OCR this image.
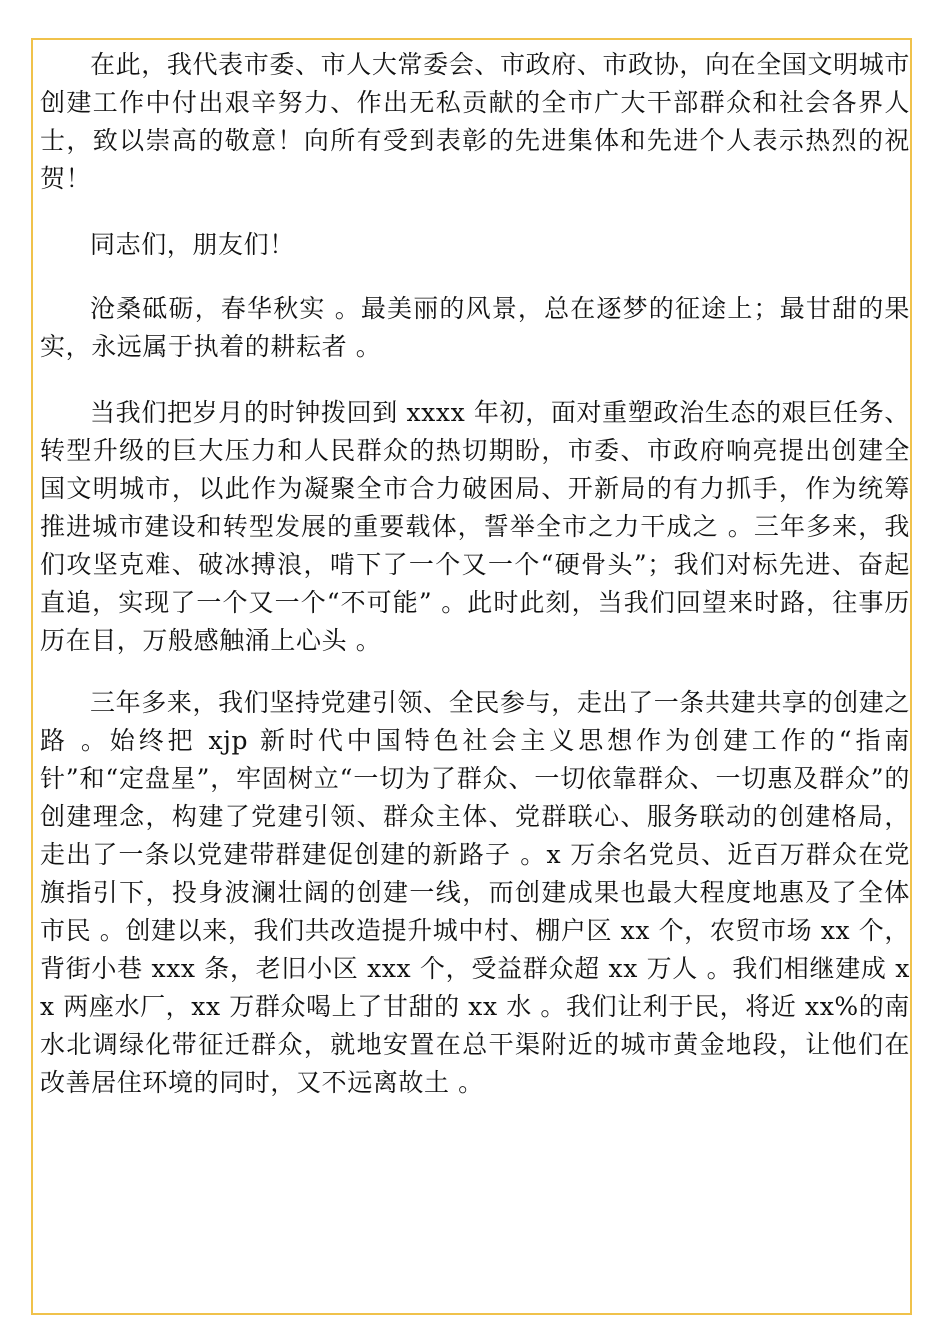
在此，我代表市委、市人大常委会、市政府、市政协，向在全国文明城市创建工作中付出艰辛努力、作出无私贡献的全市广大干部群众和社会各界人士，致以崇高的敬意！向所有受到表彰的先进集体和先进个人表示热烈的祝贺！

同志们，朋友们！

沧桑砥砺，春华秋实 。最美丽的风景，总在逐梦的征途上；最甘甜的果实，永远属于执着的耕耘者 。

当我们把岁月的时钟拨回到 xxxx 年初，面对重塑政治生态的艰巨任务、转型升级的巨大压力和人民群众的热切期盼，市委、市政府响亮提出创建全国文明城市，以此作为凝聚全市合力破困局、开新局的有力抓手，作为统筹推进城市建设和转型发展的重要载体，誓举全市之力干成之 。三年多来，我们攻坚克难、破冰搏浪，啃下了一个又一个“硬骨头”；我们对标先进、奋起直追，实现了一个又一个“不可能” 。此时此刻，当我们回望来时路，往事历历在目，万般感触涌上心头 。

三年多来，我们坚持党建引领、全民参与，走出了一条共建共享的创建之路 。始终把 xjp 新时代中国特色社会主义思想作为创建工作的“指南针”和“定盘星”，牢固树立“一切为了群众、一切依靠群众、一切惠及群众”的创建理念，构建了党建引领、群众主体、党群联心、服务联动的创建格局，走出了一条以党建带群建促创建的新路子 。x 万余名党员、近百万群众在党旗指引下，投身波澜壮阔的创建一线，而创建成果也最大程度地惠及了全体市民 。创建以来，我们共改造提升城中村、棚户区 xx 个，农贸市场 xx 个，背街小巷 xxx 条，老旧小区 xxx 个，受益群众超 xx 万人 。我们相继建成 xx 两座水厂，xx 万群众喝上了甘甜的 xx 水 。我们让利于民，将近 xx%的南水北调绿化带征迁群众，就地安置在总干渠附近的城市黄金地段，让他们在改善居住环境的同时，又不远离故土 。
